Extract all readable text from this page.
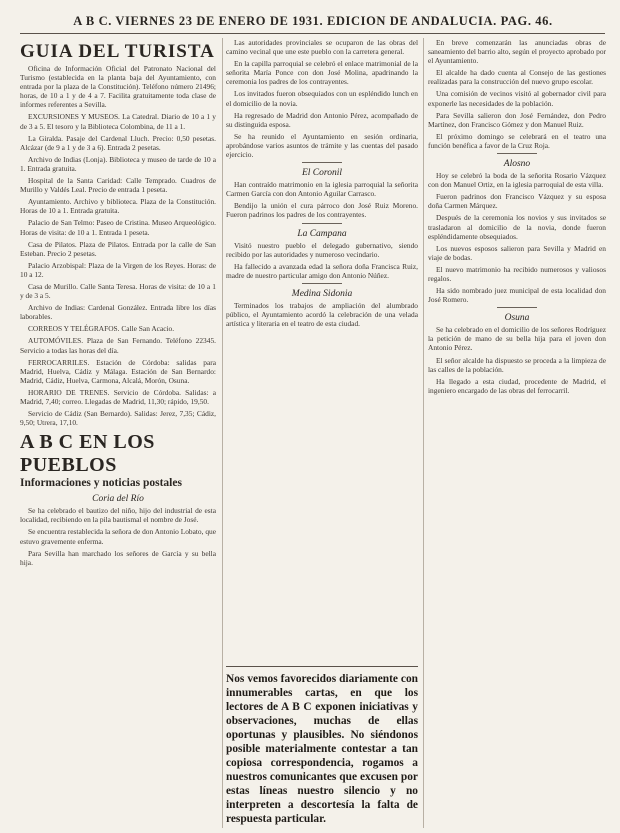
A B C. VIERNES 23 DE ENERO DE 1931. EDICION DE ANDALUCIA. PAG. 46.
GUIA DEL TURISTA

Oficina de Información Oficial del Patronato Nacional del Turismo (establecida en la planta baja del Ayuntamiento, con entrada por la plaza de la Constitución). Teléfono número 21496; horas, de 10 a 1 y de 4 a 7. Facilita gratuitamente toda clase de informes referentes a Sevilla.

EXCURSIONES Y MUSEOS. La Catedral. Diario de 10 a 1 y de 3 a 5. El tesoro y la Biblioteca Colombina, de 11 a 1.

La Giralda. Pasaje del Cardenal Lluch. Precio: 0,50 pesetas. Alcázar (de 9 a 1 y de 3 a 6). Entrada 2 pesetas.

Archivo de Indias (Lonja). Biblioteca y museo de tarde de 10 a 1. Entrada gratuita.

Hospital de la Santa Caridad: Calle Temprado. Cuadros de Murillo y Valdés Leal. Precio de entrada 1 peseta.

Ayuntamiento. Archivo y biblioteca. Plaza de la Constitución. Horas de 10 a 1. Entrada gratuita.

Palacio de San Telmo: Paseo de Cristina. Museo Arqueológico. Horas de visita: de 10 a 1. Entrada 1 peseta.

Casa de Pilatos. Plaza de Pilatos. Entrada por la calle de San Esteban. Precio 2 pesetas.

Palacio Arzobispal: Plaza de la Virgen de los Reyes. Horas: de 10 a 12.

Casa de Murillo. Calle Santa Teresa. Horas de visita: de 10 a 1 y de 3 a 5.

Archivo de Indias: Cardenal González. Entrada libre los días laborables.

CORREOS Y TELÉGRAFOS. Calle San Acacio.

AUTOMÓVILES. Plaza de San Fernando. Teléfono 22345. Servicio a todas las horas del día.

FERROCARRILES. Estación de Córdoba: salidas para Madrid, Huelva, Cádiz y Málaga. Estación de San Bernardo: Madrid, Cádiz, Huelva, Carmona, Alcalá, Morón, Osuna.

HORARIO DE TRENES. Servicio de Córdoba. Salidas: a Madrid, 7,40; correo. Llegadas de Madrid, 11,30; rápido, 19,50.

Servicio de Cádiz (San Bernardo). Salidas: Jerez, 7,35; Cádiz, 9,50; Utrera, 17,10.

A B C EN LOS PUEBLOS
Informaciones y noticias postales
Coria del Río

Se ha celebrado el bautizo del niño, hijo del industrial de esta localidad, recibiendo en la pila bautismal el nombre de José.

Se encuentra restablecida la señora de don Antonio Lobato, que estuvo gravemente enferma.

Para Sevilla han marchado los señores de García y su bella hija.

Las autoridades provinciales se ocuparon de las obras del camino vecinal que une este pueblo con la carretera general.

En la capilla parroquial se celebró el enlace matrimonial de la señorita María Ponce con don José Molina, apadrinando la ceremonia los padres de los contrayentes.

Los invitados fueron obsequiados con un espléndido lunch en el domicilio de la novia.

Ha regresado de Madrid don Antonio Pérez, acompañado de su distinguida esposa.

Se ha reunido el Ayuntamiento en sesión ordinaria, aprobándose varios asuntos de trámite y las cuentas del pasado ejercicio.

El Coronil

Han contraído matrimonio en la iglesia parroquial la señorita Carmen García con don Antonio Aguilar Carrasco.

Bendijo la unión el cura párroco don José Ruiz Moreno. Fueron padrinos los padres de los contrayentes.

La Campana

Visitó nuestro pueblo el delegado gubernativo, siendo recibido por las autoridades y numeroso vecindario.

Ha fallecido a avanzada edad la señora doña Francisca Ruiz, madre de nuestro particular amigo don Antonio Núñez.

Medina Sidonia

Terminados los trabajos de ampliación del alumbrado público, el Ayuntamiento acordó la celebración de una velada artística y literaria en el teatro de esta ciudad.

Nos vemos favorecidos diariamente con innumerables cartas, en que los lectores de A B C exponen iniciativas y observaciones, muchas de ellas oportunas y plausibles. No siéndonos posible materialmente contestar a tan copiosa correspondencia, rogamos a nuestros comunicantes que excusen por estas líneas nuestro silencio y no interpreten a descortesía la falta de respuesta particular.

En breve comenzarán las anunciadas obras de saneamiento del barrio alto, según el proyecto aprobado por el Ayuntamiento.

El alcalde ha dado cuenta al Consejo de las gestiones realizadas para la construcción del nuevo grupo escolar.

Una comisión de vecinos visitó al gobernador civil para exponerle las necesidades de la población.

Para Sevilla salieron don José Fernández, don Pedro Martínez, don Francisco Gómez y don Manuel Ruiz.

El próximo domingo se celebrará en el teatro una función benéfica a favor de la Cruz Roja.

Alosno

Hoy se celebró la boda de la señorita Rosario Vázquez con don Manuel Ortiz, en la iglesia parroquial de esta villa.

Fueron padrinos don Francisco Vázquez y su esposa doña Carmen Márquez.

Después de la ceremonia los novios y sus invitados se trasladaron al domicilio de la novia, donde fueron espléndidamente obsequiados.

Los nuevos esposos salieron para Sevilla y Madrid en viaje de bodas.

El nuevo matrimonio ha recibido numerosos y valiosos regalos.

Ha sido nombrado juez municipal de esta localidad don José Romero.

Osuna

Se ha celebrado en el domicilio de los señores Rodríguez la petición de mano de su bella hija para el joven don Antonio Pérez.

El señor alcalde ha dispuesto se proceda a la limpieza de las calles de la población.

Ha llegado a esta ciudad, procedente de Madrid, el ingeniero encargado de las obras del ferrocarril.
